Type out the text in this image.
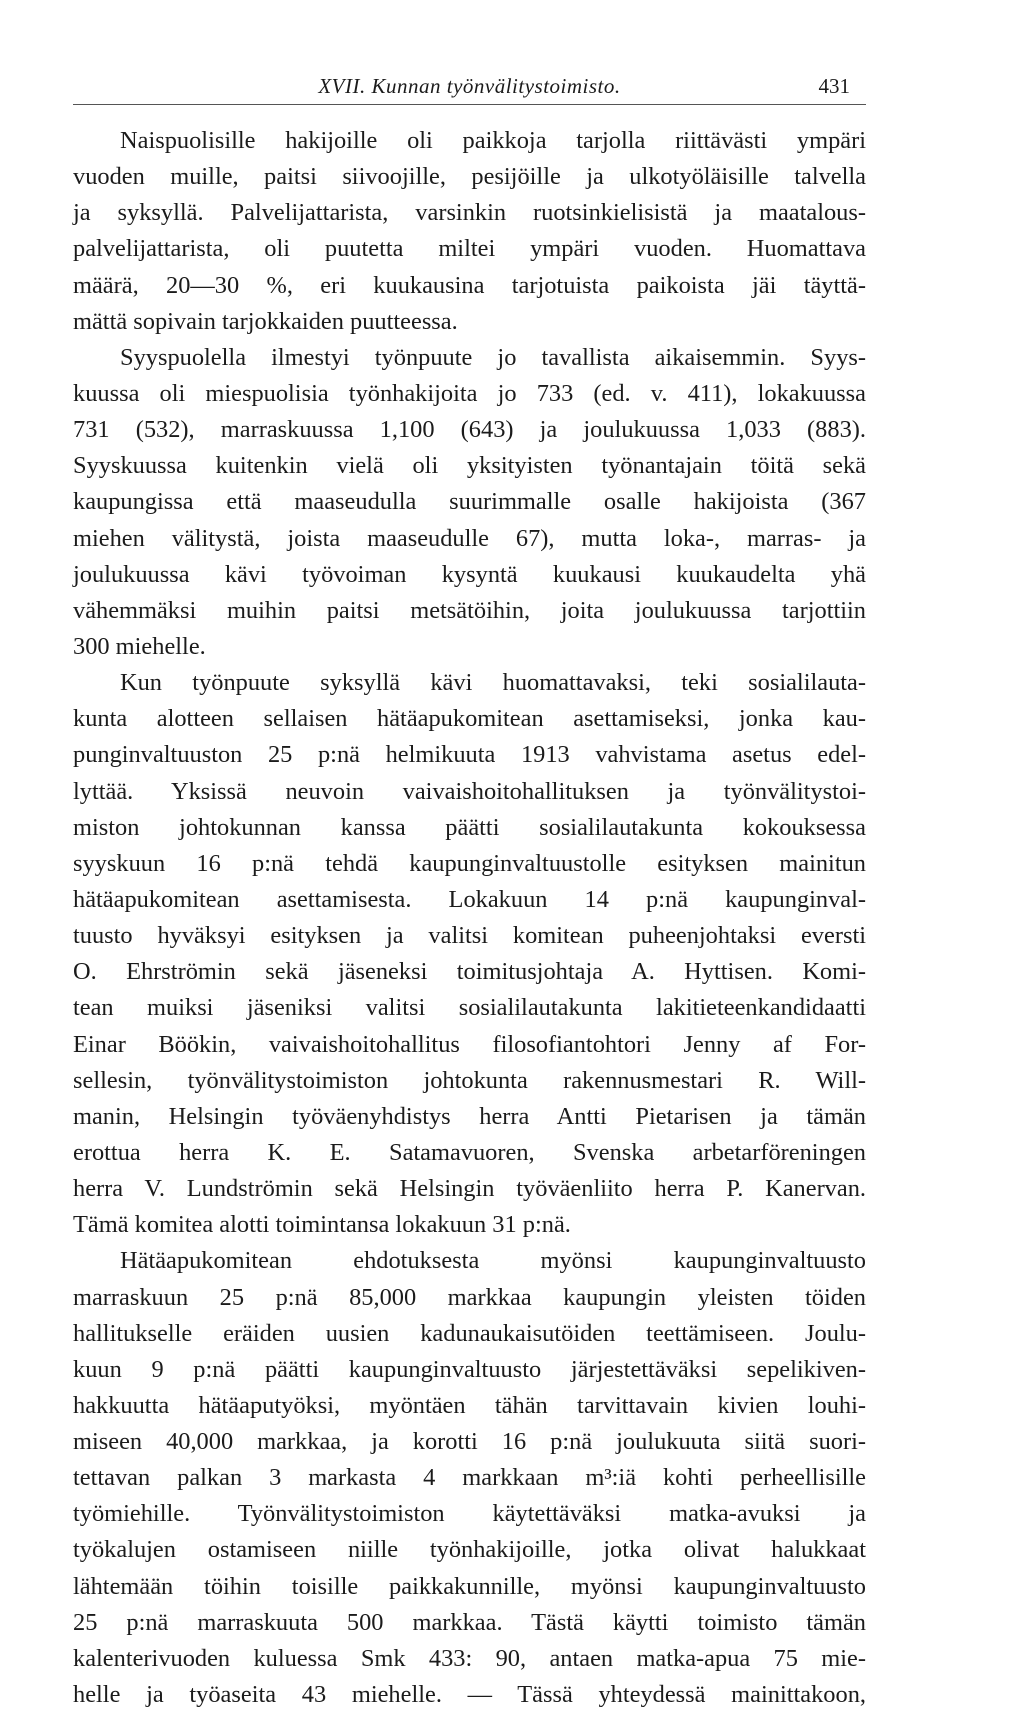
XVII. Kunnan työnvälitystoimisto.	431
Naispuolisille hakijoille oli paikkoja tarjolla riittävästi ympäri
vuoden muille, paitsi siivoojille, pesijöille ja ulkotyöläisille talvella
ja syksyllä. Palvelijattarista, varsinkin ruotsinkielisistä ja maatalous-
palvelijattarista, oli puutetta miltei ympäri vuoden. Huomattava
määrä, 20—30 %, eri kuukausina tarjotuista paikoista jäi täyttä-
mättä sopivain tarjokkaiden puutteessa.
Syyspuolella ilmestyi työnpuute jo tavallista aikaisemmin. Syys-
kuussa oli miespuolisia työnhakijoita jo 733 (ed. v. 411), lokakuussa
731 (532), marraskuussa 1,100 (643) ja joulukuussa 1,033 (883).
Syyskuussa kuitenkin vielä oli yksityisten työnantajain töitä sekä
kaupungissa että maaseudulla suurimmalle osalle hakijoista (367
miehen välitystä, joista maaseudulle 67), mutta loka-, marras- ja
joulukuussa kävi työvoiman kysyntä kuukausi kuukaudelta yhä
vähemmäksi muihin paitsi metsätöihin, joita joulukuussa tarjottiin
300 miehelle.
Kun työnpuute syksyllä kävi huomattavaksi, teki sosialilauta-
kunta alotteen sellaisen hätäapukomitean asettamiseksi, jonka kau-
punginvaltuuston 25 p:nä helmikuuta 1913 vahvistama asetus edel-
lyttää. Yksissä neuvoin vaivaishoitohallituksen ja työnvälitystoi-
miston johtokunnan kanssa päätti sosialilautakunta kokouksessa
syyskuun 16 p:nä tehdä kaupunginvaltuustolle esityksen mainitun
hätäapukomitean asettamisesta. Lokakuun 14 p:nä kaupunginval-
tuusto hyväksyi esityksen ja valitsi komitean puheenjohtaksi eversti
O. Ehrströmin sekä jäseneksi toimitusjohtaja A. Hyttisen. Komi-
tean muiksi jäseniksi valitsi sosialilautakunta lakitieteenkandidaatti
Einar Böökin, vaivaishoitohallitus filosofiantohtori Jenny af For-
sellesin, työnvälitystoimiston johtokunta rakennusmestari R. Will-
manin, Helsingin työväenyhdistys herra Antti Pietarisen ja tämän
erottua herra K. E. Satamavuoren, Svenska arbetarföreningen
herra V. Lundströmin sekä Helsingin työväenliito herra P. Kanervan.
Tämä komitea alotti toimintansa lokakuun 31 p:nä.
Hätäapukomitean ehdotuksesta myönsi kaupunginvaltuusto
marraskuun 25 p:nä 85,000 markkaa kaupungin yleisten töiden
hallitukselle eräiden uusien kadunaukaisutöiden teettämiseen. Joulu-
kuun 9 p:nä päätti kaupunginvaltuusto järjestettäväksi sepelikiven-
hakkuutta hätäaputyöksi, myöntäen tähän tarvittavain kivien louhi-
miseen 40,000 markkaa, ja korotti 16 p:nä joulukuuta siitä suori-
tettavan palkan 3 markasta 4 markkaan m³:iä kohti perheellisille
työmiehille. Työnvälitystoimiston käytettäväksi matka-avuksi ja
työkalujen ostamiseen niille työnhakijoille, jotka olivat halukkaat
lähtemään töihin toisille paikkakunnille, myönsi kaupunginvaltuusto
25 p:nä marraskuuta 500 markkaa. Tästä käytti toimisto tämän
kalenterivuoden kuluessa Smk 433: 90, antaen matka-apua 75 mie-
helle ja työaseita 43 miehelle. — Tässä yhteydessä mainittakoon,
